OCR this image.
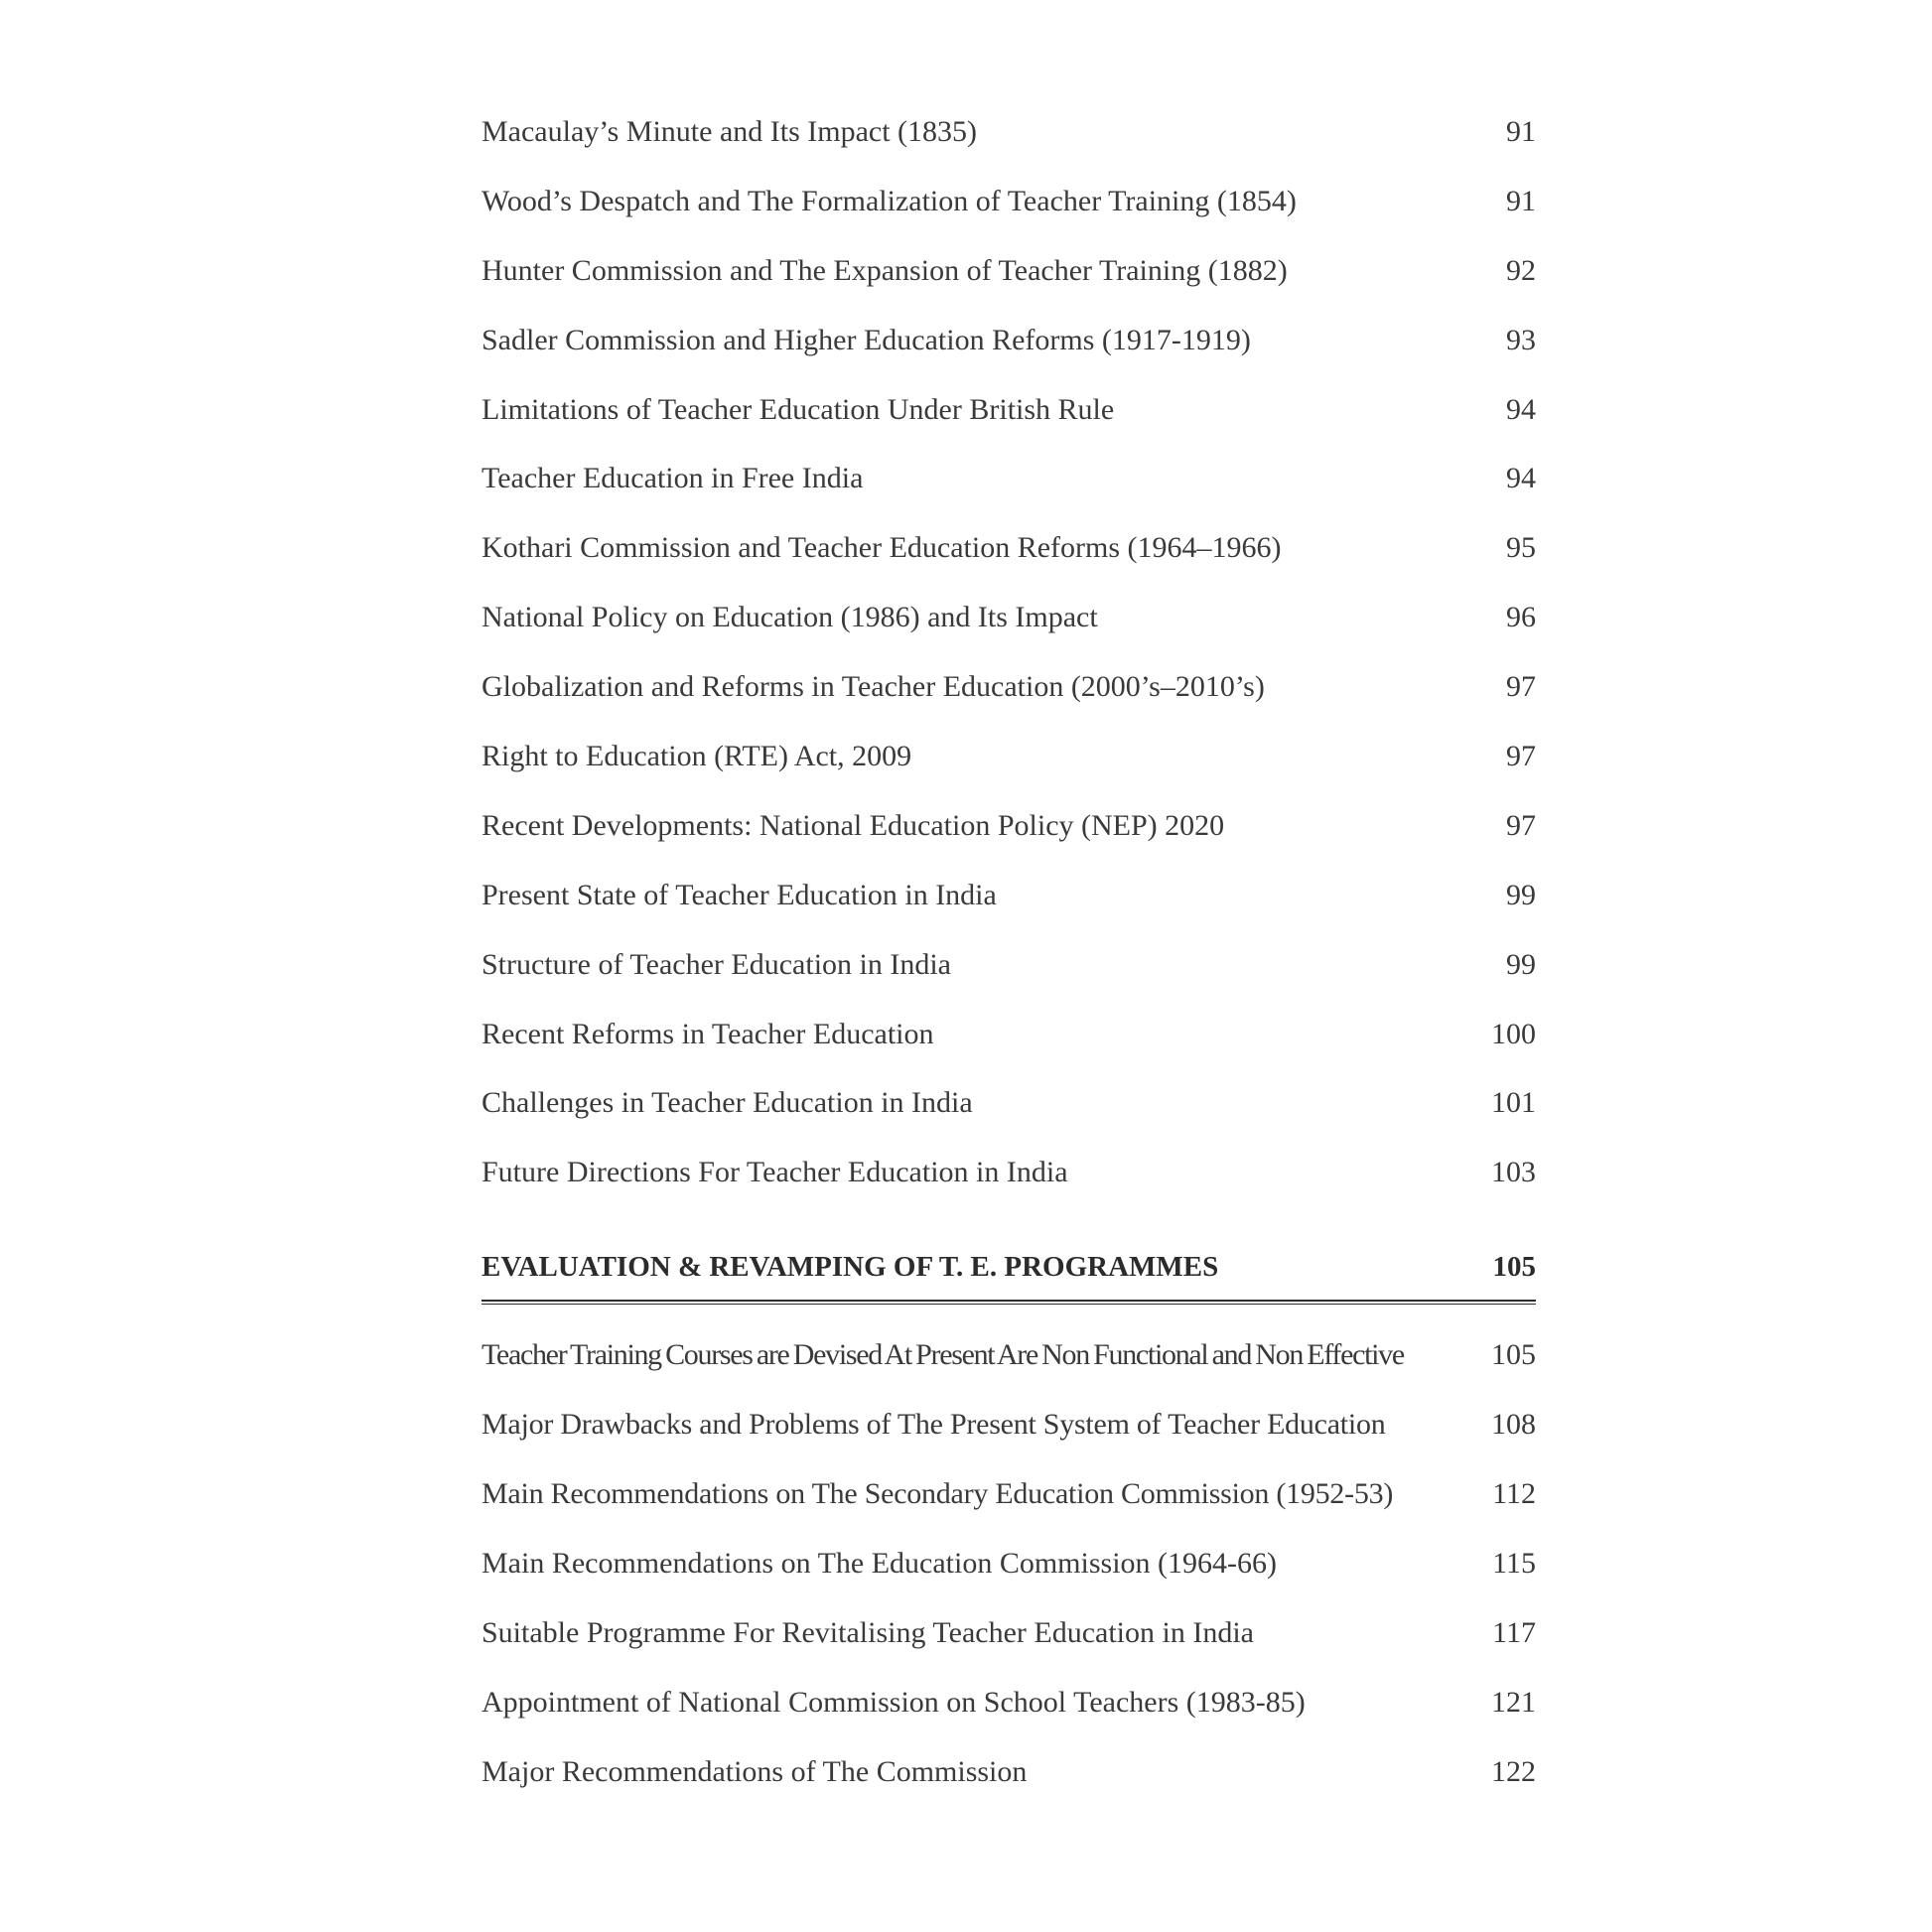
Macaulay’s Minute and Its Impact (1835)	91
Wood’s Despatch and The Formalization of Teacher Training (1854)	91
Hunter Commission and The Expansion of Teacher Training (1882)	92
Sadler Commission and Higher Education Reforms (1917-1919)	93
Limitations of Teacher Education Under British Rule	94
Teacher Education in Free India	94
Kothari Commission and Teacher Education Reforms (1964–1966)	95
National Policy on Education (1986) and Its Impact	96
Globalization and Reforms in Teacher Education (2000’s–2010’s)	97
Right to Education (RTE) Act, 2009	97
Recent Developments: National Education Policy (NEP) 2020	97
Present State of Teacher Education in India	99
Structure of Teacher Education in India	99
Recent Reforms in Teacher Education	100
Challenges in Teacher Education in India	101
Future Directions For Teacher Education in India	103
EVALUATION & REVAMPING OF T. E. PROGRAMMES	105
Teacher Training Courses are Devised At Present Are Non Functional and Non Effective	105
Major Drawbacks and Problems of The Present System of Teacher Education	108
Main Recommendations on The Secondary Education Commission (1952-53)	112
Main Recommendations on The Education Commission (1964-66)	115
Suitable Programme For Revitalising Teacher Education in India	117
Appointment of National Commission on School Teachers (1983-85)	121
Major Recommendations of The Commission	122
